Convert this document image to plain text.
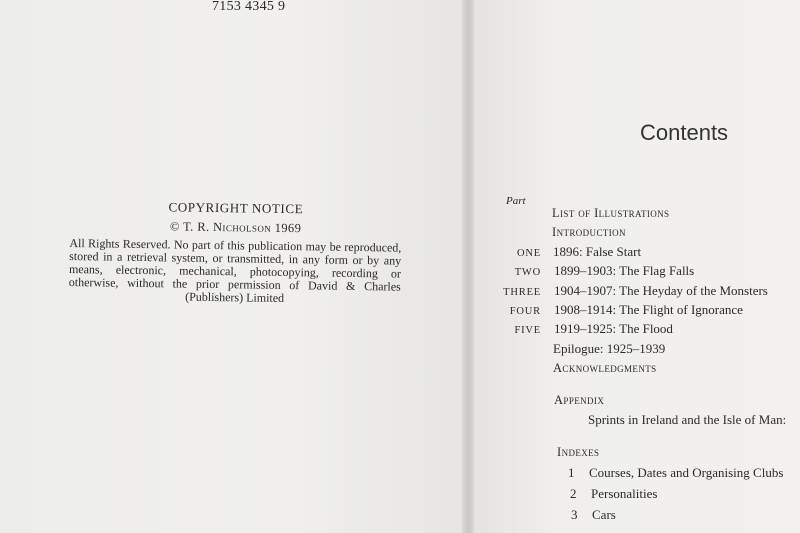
7153 4345 9
COPYRIGHT NOTICE
© T. R. Nicholson 1969
All Rights Reserved. No part of this publication may be reproduced, stored in a retrieval system, or transmitted, in any form or by any means, electronic, mechanical, photocopying, recording or otherwise, without the prior permission of David & Charles (Publishers) Limited
Contents
Part
List of Illustrations
Introduction
ONE 1896: False Start
TWO 1899–1903: The Flag Falls
THREE 1904–1907: The Heyday of the Monsters
FOUR 1908–1914: The Flight of Ignorance
FIVE 1919–1925: The Flood
Epilogue: 1925–1939
Acknowledgments
Appendix
Sprints in Ireland and the Isle of Man:
Indexes
1 Courses, Dates and Organising Clubs
2 Personalities
3 Cars
